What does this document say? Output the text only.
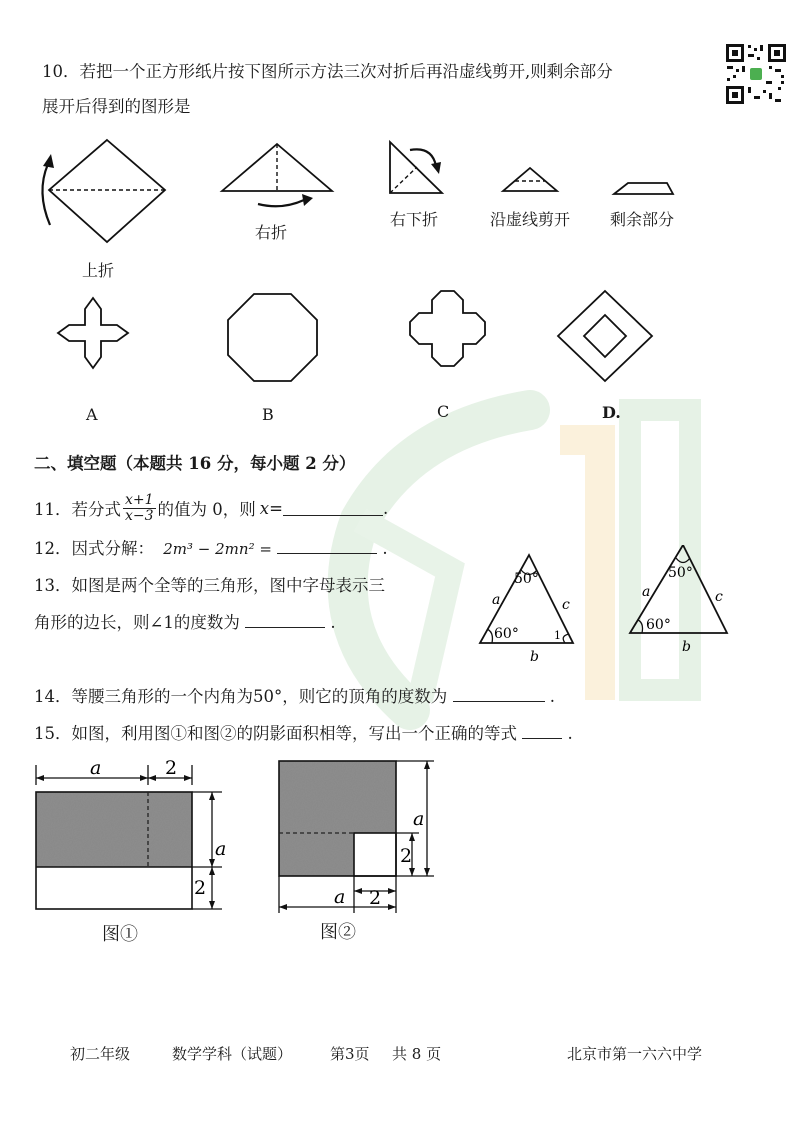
10．若把一个正方形纸片按下图所示方法三次对折后再沿虚线剪开,则剩余部分
展开后得到的图形是
上折
右折
右下折	沿虚线剪开 剩余部分
A	B	C	D.
二、填空题（本题共 16 分，每小题 2 分）
11．若分式 $\frac{x+1}{x-3}$ 的值为 0，则 x =	.
12．因式分解： 2m³ − 2mn² =	.
13．如图是两个全等的三角形，图中字母表示三
角形的边长，则∠1的度数为	.
50°
60°
a	c
b
1
50°
60°
a	c
b
14．等腰三角形的一个内角为50°，则它的顶角的度数为	.
15．如图，利用图①和图②的阴影面积相等，写出一个正确的等式	.
a	2
a
2
图①
a
2
2
a
图②
初二年级	数学学科（试题）	第3页 共 8 页	北京市第一六六中学
